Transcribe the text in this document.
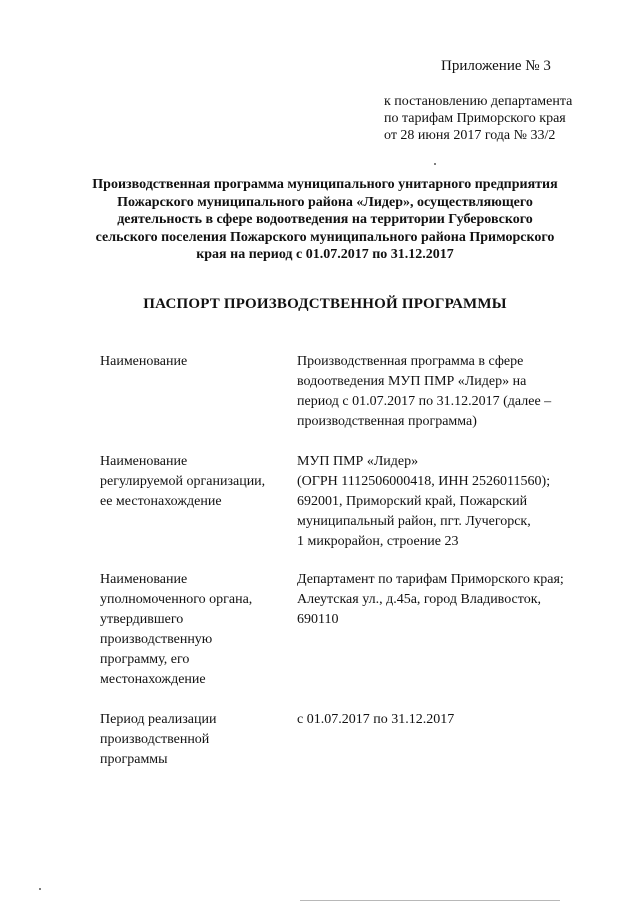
Приложение № 3
к постановлению департамента
по тарифам Приморского края
от 28 июня 2017 года № 33/2
Производственная программа муниципального унитарного предприятия
Пожарского муниципального района «Лидер», осуществляющего
деятельность в сфере водоотведения на территории Губеровского
сельского поселения Пожарского муниципального района Приморского
края на период с 01.07.2017 по 31.12.2017
ПАСПОРТ ПРОИЗВОДСТВЕННОЙ ПРОГРАММЫ
Наименование	Производственная программа в сфере
водоотведения МУП ПМР «Лидер» на
период с 01.07.2017 по 31.12.2017 (далее –
производственная программа)
Наименование
регулируемой организации,
ее местонахождение
МУП ПМР «Лидер»
(ОГРН 1112506000418, ИНН 2526011560);
692001, Приморский край, Пожарский
муниципальный район, пгт. Лучегорск,
1 микрорайон, строение 23
Наименование
уполномоченного органа,
утвердившего
производственную
программу, его
местонахождение
Департамент по тарифам Приморского края;
Алеутская ул., д.45а, город Владивосток,
690110
Период реализации
производственной
программы
с 01.07.2017 по 31.12.2017
